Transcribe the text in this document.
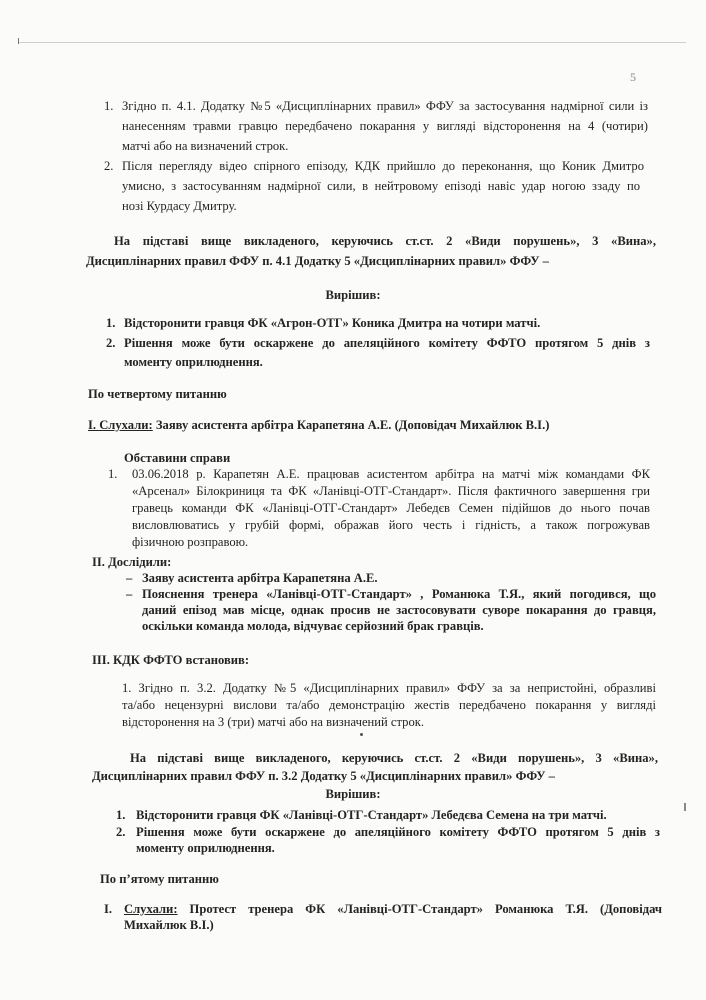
5
1. Згідно п. 4.1. Додатку №5 «Дисциплінарних правил» ФФУ за застосування надмірної сили із
нанесенням травми гравцю передбачено покарання у вигляді відсторонення на 4 (чотири)
матчі або на визначений строк.
2. Після перегляду відео спірного епізоду, КДК прийшло до переконання, що Коник Дмитро
умисно, з застосуванням надмірної сили, в нейтровому епізоді навіс удар ногою ззаду по
нозі Курдасу Дмитру.
На підставі вище викладеного, керуючись ст.ст. 2 «Види порушень», 3 «Вина»,
Дисциплінарних правил ФФУ п. 4.1 Додатку 5 «Дисциплінарних правил» ФФУ –
Вирішив:
1. Відсторонити гравця ФК «Агрон-ОТГ» Коника Дмитра на чотири матчі.
2. Рішення може бути оскаржене до апеляційного комітету ФФТО протягом 5 днів з
моменту оприлюднення.
По четвертому питанню
І. Слухали: Заяву асистента арбітра Карапетяна А.Е. (Доповідач Михайлюк В.І.)
Обставини справи
1. 03.06.2018 р. Карапетян А.Е. працював асистентом арбітра на матчі між командами ФК
«Арсенал» Білокриниця та ФК «Ланівці-ОТГ-Стандарт». Після фактичного завершення гри
гравець команди ФК «Ланівці-ОТГ-Стандарт» Лебедєв Семен підійшов до нього почав
висловлюватись у грубій формі, ображав його честь і гідність, а також погрожував
фізичною розправою.
ІІ. Дослідили:
– Заяву асистента арбітра Карапетяна А.Е.
– Пояснення тренера «Ланівці-ОТГ-Стандарт» , Романюка Т.Я., який погодився, що
даний епізод мав місце, однак просив не застосовувати суворе покарання до гравця,
оскільки команда молода, відчуває серйозний брак гравців.
ІІІ. КДК ФФТО встановив:
1. Згідно п. 3.2. Додатку №5 «Дисциплінарних правил» ФФУ за за непристойні, образливі
та/або нецензурні вислови та/або демонстрацію жестів передбачено покарання у вигляді
відсторонення на 3 (три) матчі або на визначений строк.
На підставі вище викладеного, керуючись ст.ст. 2 «Види порушень», 3 «Вина»,
Дисциплінарних правил ФФУ п. 3.2 Додатку 5 «Дисциплінарних правил» ФФУ –
Вирішив:
1. Відсторонити гравця ФК «Ланівці-ОТГ-Стандарт» Лебедєва Семена на три матчі.
2. Рішення може бути оскаржене до апеляційного комітету ФФТО протягом 5 днів з
моменту оприлюднення.
По п’ятому питанню
І. Слухали: Протест тренера ФК «Ланівці-ОТГ-Стандарт» Романюка Т.Я. (Доповідач
Михайлюк В.І.)
